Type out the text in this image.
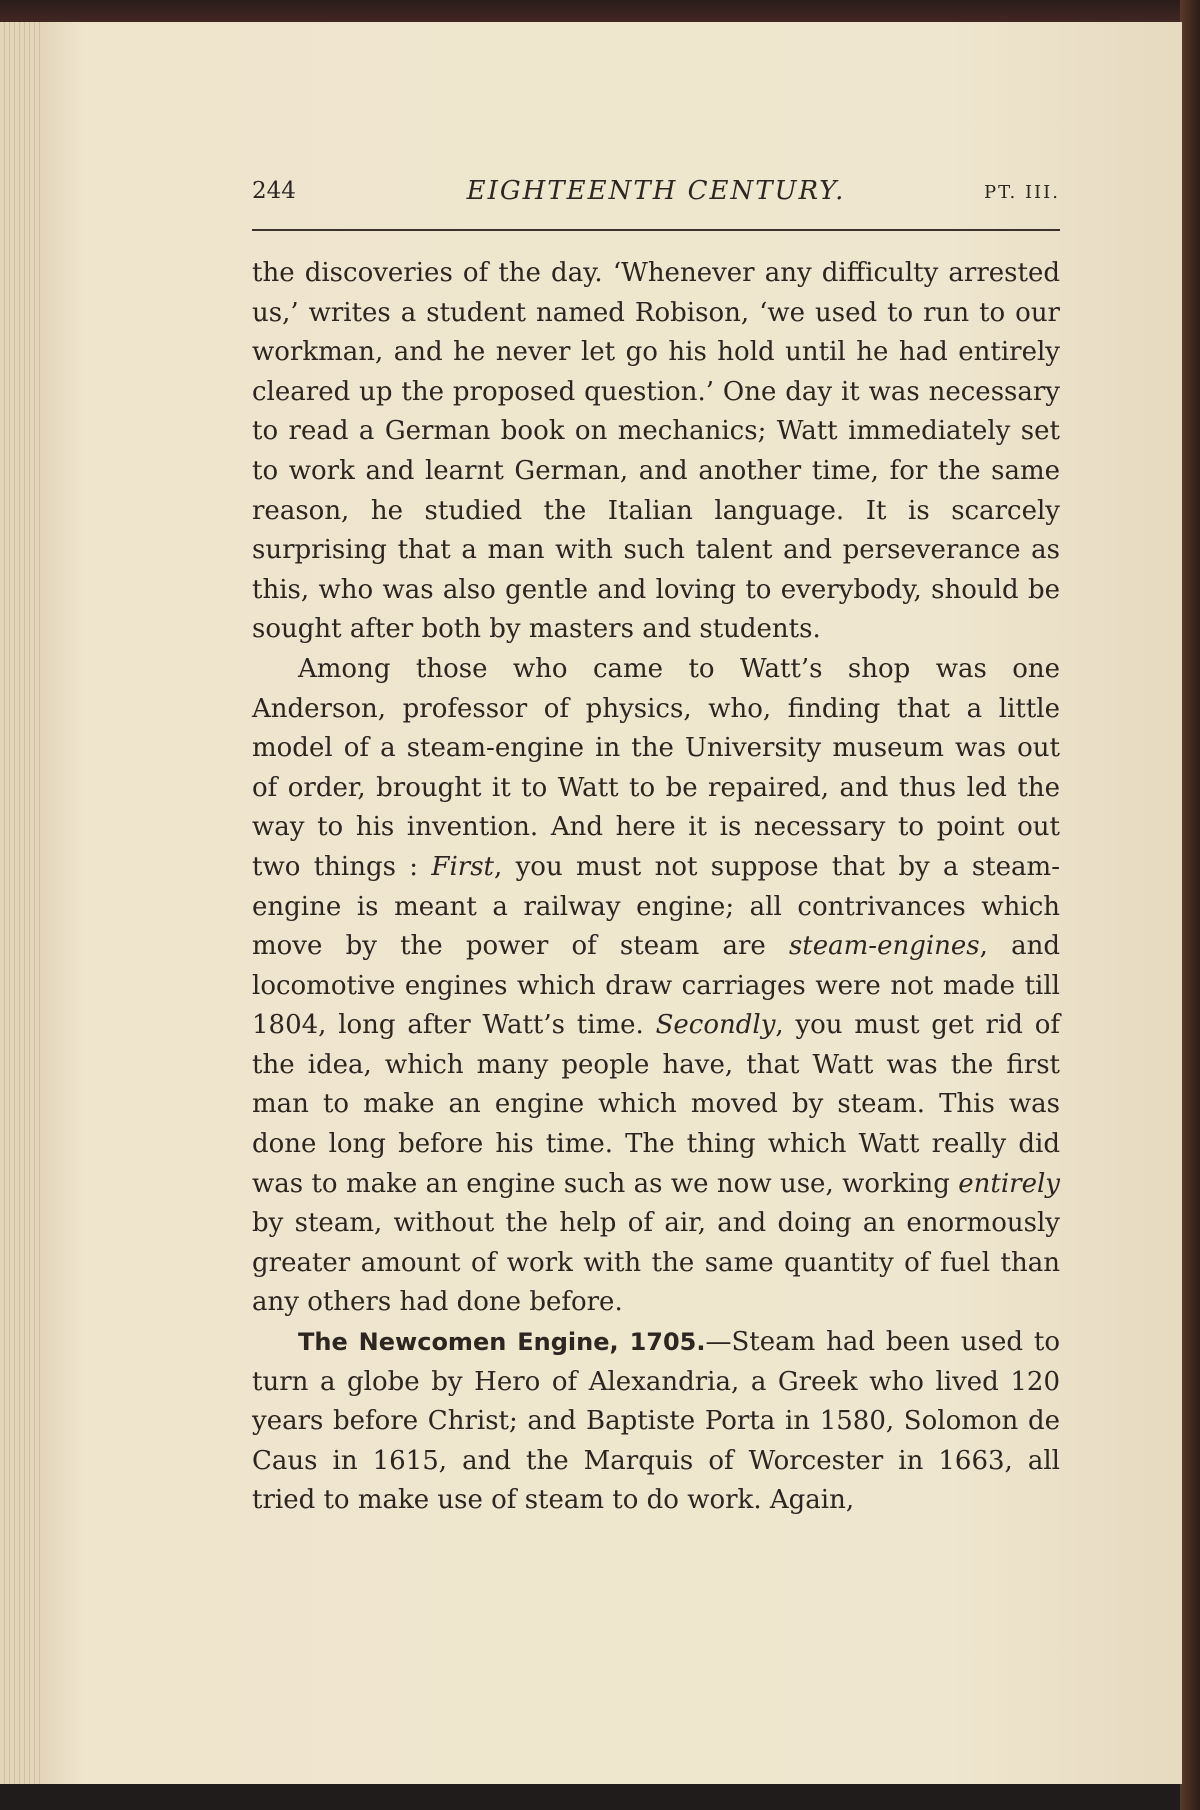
244	EIGHTEENTH CENTURY.	PT. III.

the discoveries of the day. ‘Whenever any difficulty arrested us,’ writes a student named Robison, ‘we used to run to our workman, and he never let go his hold until he had entirely cleared up the proposed question.’ One day it was necessary to read a German book on mechanics; Watt immediately set to work and learnt German, and another time, for the same reason, he studied the Italian language. It is scarcely surprising that a man with such talent and perseverance as this, who was also gentle and loving to everybody, should be sought after both by masters and students.

Among those who came to Watt’s shop was one Anderson, professor of physics, who, finding that a little model of a steam-engine in the University museum was out of order, brought it to Watt to be repaired, and thus led the way to his invention. And here it is necessary to point out two things : First, you must not suppose that by a steam-engine is meant a railway engine; all contrivances which move by the power of steam are steam-engines, and locomotive engines which draw carriages were not made till 1804, long after Watt’s time. Secondly, you must get rid of the idea, which many people have, that Watt was the first man to make an engine which moved by steam. This was done long before his time. The thing which Watt really did was to make an engine such as we now use, working entirely by steam, without the help of air, and doing an enormously greater amount of work with the same quantity of fuel than any others had done before.

The Newcomen Engine, 1705.—Steam had been used to turn a globe by Hero of Alexandria, a Greek who lived 120 years before Christ; and Baptiste Porta in 1580, Solomon de Caus in 1615, and the Marquis of Worcester in 1663, all tried to make use of steam to do work. Again,
